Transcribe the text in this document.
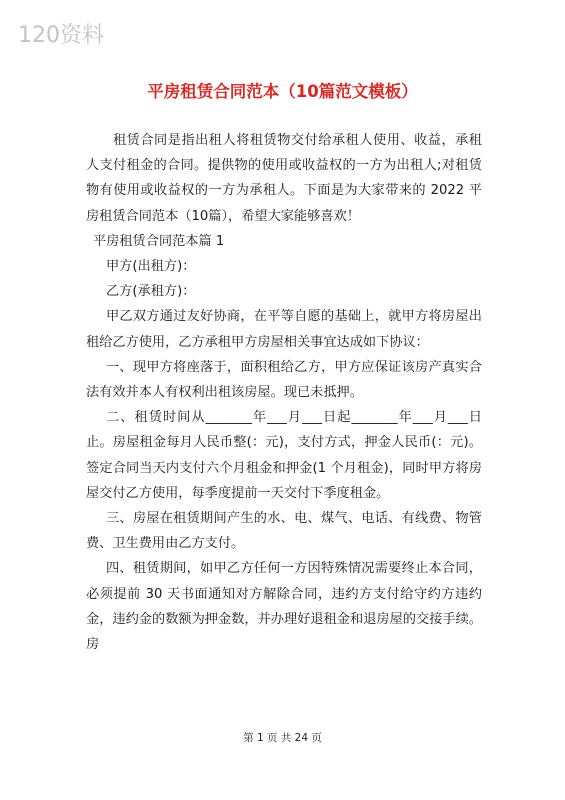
120资料
平房租赁合同范本（10篇范文模板）

租赁合同是指出租人将租赁物交付给承租人使用、收益，承租人支付租金的合同。提供物的使用或收益权的一方为出租人;对租赁物有使用或收益权的一方为承租人。下面是为大家带来的 2022 平房租赁合同范本（10篇），希望大家能够喜欢！

平房租赁合同范本篇 1

甲方(出租方)：

乙方(承租方)：

甲乙双方通过友好协商，在平等自愿的基础上，就甲方将房屋出租给乙方使用，乙方承租甲方房屋相关事宜达成如下协议：

一、现甲方将座落于，面积租给乙方，甲方应保证该房产真实合法有效并本人有权利出租该房屋。现已未抵押。

二、租赁时间从_______年___月___日起_______年___月___日止。房屋租金每月人民币整(：元)，支付方式，押金人民币(：元)。签定合同当天内支付六个月租金和押金(1 个月租金)，同时甲方将房屋交付乙方使用，每季度提前一天交付下季度租金。

三、房屋在租赁期间产生的水、电、煤气、电话、有线费、物管费、卫生费用由乙方支付。

四、租赁期间，如甲乙方任何一方因特殊情况需要终止本合同，必须提前 30 天书面通知对方解除合同，违约方支付给守约方违约金，违约金的数额为押金数，并办理好退租金和退房屋的交接手续。房

第 1 页 共 24 页
